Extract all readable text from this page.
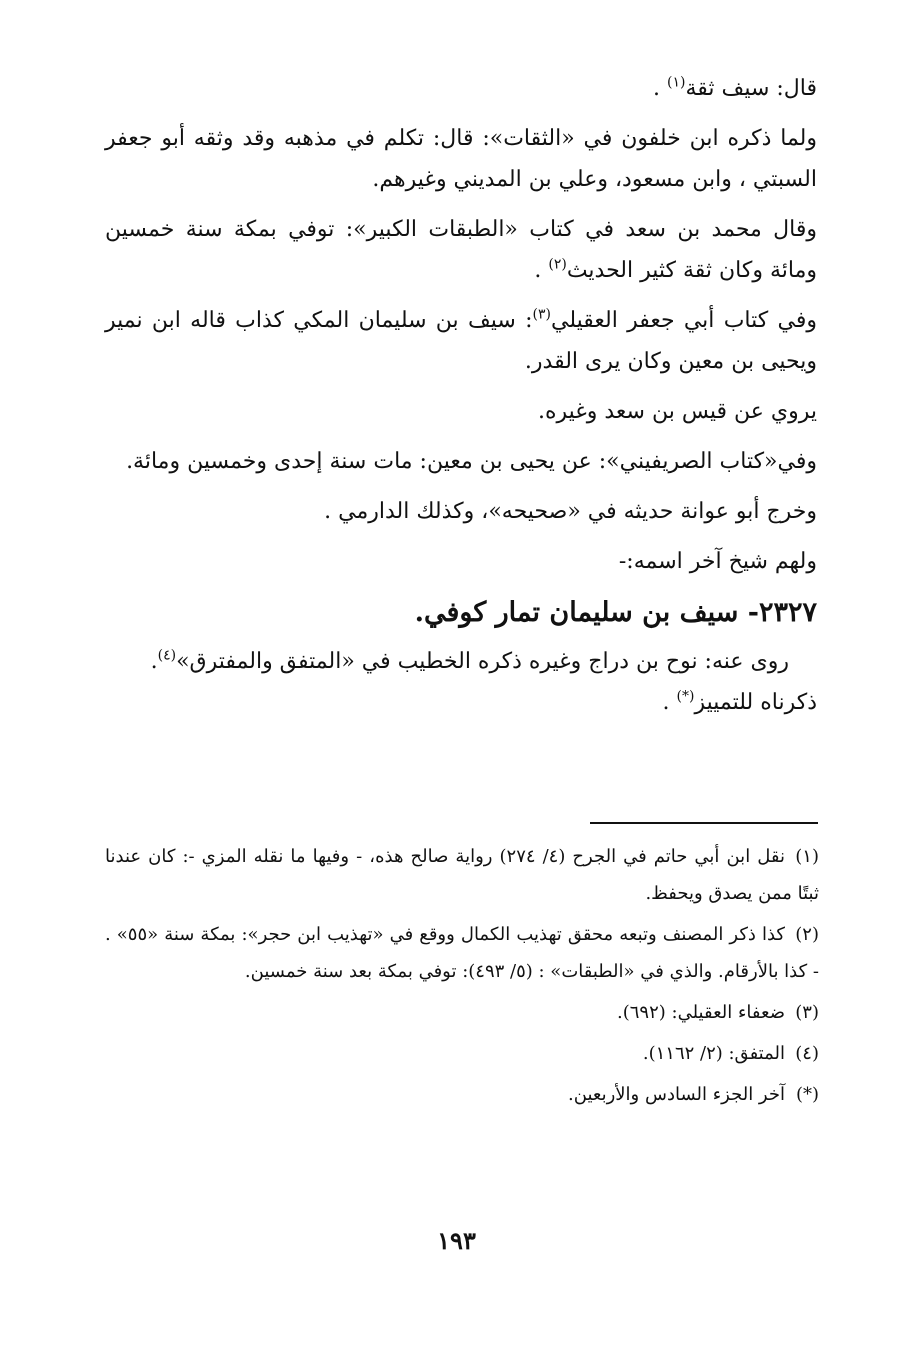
قال: سيف ثقة$^{(١)}$ .

ولما ذكره ابن خلفون في «الثقات»: قال: تكلم في مذهبه وقد وثقه أبو جعفر السبتي ، وابن مسعود، وعلي بن المديني وغيرهم.

وقال محمد بن سعد في كتاب «الطبقات الكبير»: توفي بمكة سنة خمسين ومائة وكان ثقة كثير الحديث$^{(٢)}$ .

وفي كتاب أبي جعفر العقيلي$^{(٣)}$: سيف بن سليمان المكي كذاب قاله ابن نمير ويحيى بن معين وكان يرى القدر.

يروي عن قيس بن سعد وغيره.

وفي«كتاب الصريفيني»: عن يحيى بن معين: مات سنة إحدى وخمسين ومائة.

وخرج أبو عوانة حديثه في «صحيحه»، وكذلك الدارمي .

ولهم شيخ آخر اسمه:-

٢٣٢٧- سيف بن سليمان تمار كوفي.

روى عنه: نوح بن دراج وغيره ذكره الخطيب في «المتفق والمفترق»$^{(٤)}$.

ذكرناه للتمييز(*) .

(١)نقل ابن أبي حاتم في الجرح (٤/ ٢٧٤) رواية صالح هذه، - وفيها ما نقله المزي -: كان عندنا ثبتًا ممن يصدق ويحفظ.

(٢)كذا ذكر المصنف وتبعه محقق تهذيب الكمال ووقع في «تهذيب ابن حجر»: بمكة سنة «٥٥» . - كذا بالأرقام. والذي في «الطبقات» : (٥/ ٤٩٣): توفي بمكة بعد سنة خمسين.

(٣)ضعفاء العقيلي: (٦٩٢).

(٤)المتفق: (٢/ ١١٦٢).

(*)آخر الجزء السادس والأربعين.

١٩٣
